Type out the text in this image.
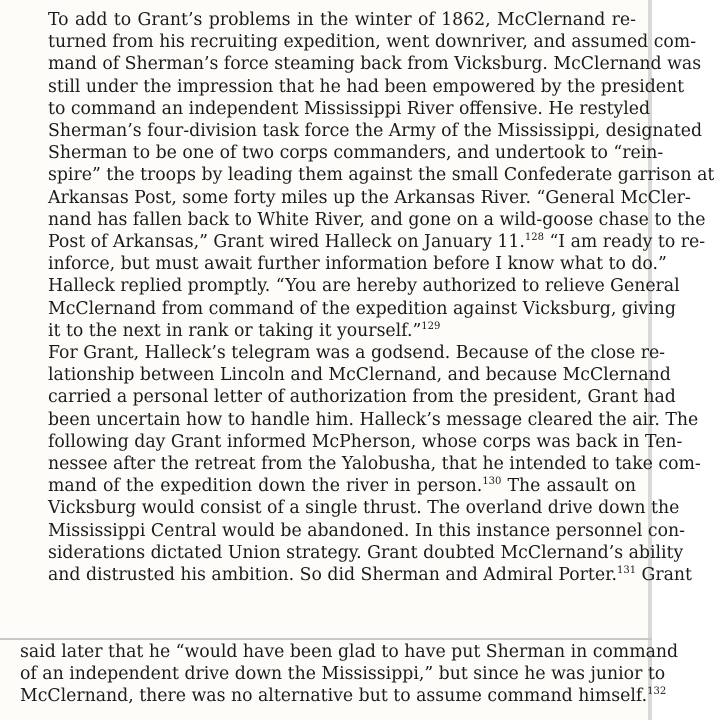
To add to Grant’s problems in the winter of 1862, McClernand re-
turned from his recruiting expedition, went downriver, and assumed com-
mand of Sherman’s force steaming back from Vicksburg. McClernand was
still under the impression that he had been empowered by the president
to command an independent Mississippi River offensive. He restyled
Sherman’s four-division task force the Army of the Mississippi, designated
Sherman to be one of two corps commanders, and undertook to “rein-
spire” the troops by leading them against the small Confederate garrison at
Arkansas Post, some forty miles up the Arkansas River. “General McCler-
nand has fallen back to White River, and gone on a wild-goose chase to the
Post of Arkansas,” Grant wired Halleck on January 11.$^{128}$ “I am ready to re-
inforce, but must await further information before I know what to do.”
Halleck replied promptly. “You are hereby authorized to relieve General
McClernand from command of the expedition against Vicksburg, giving
it to the next in rank or taking it yourself.”$^{129}$

For Grant, Halleck’s telegram was a godsend. Because of the close re-
lationship between Lincoln and McClernand, and because McClernand
carried a personal letter of authorization from the president, Grant had
been uncertain how to handle him. Halleck’s message cleared the air. The
following day Grant informed McPherson, whose corps was back in Ten-
nessee after the retreat from the Yalobusha, that he intended to take com-
mand of the expedition down the river in person.$^{130}$ The assault on
Vicksburg would consist of a single thrust. The overland drive down the
Mississippi Central would be abandoned. In this instance personnel con-
siderations dictated Union strategy. Grant doubted McClernand’s ability
and distrusted his ambition. So did Sherman and Admiral Porter.$^{131}$ Grant

said later that he “would have been glad to have put Sherman in command
of an independent drive down the Mississippi,” but since he was junior to
McClernand, there was no alternative but to assume command himself.$^{132}$
